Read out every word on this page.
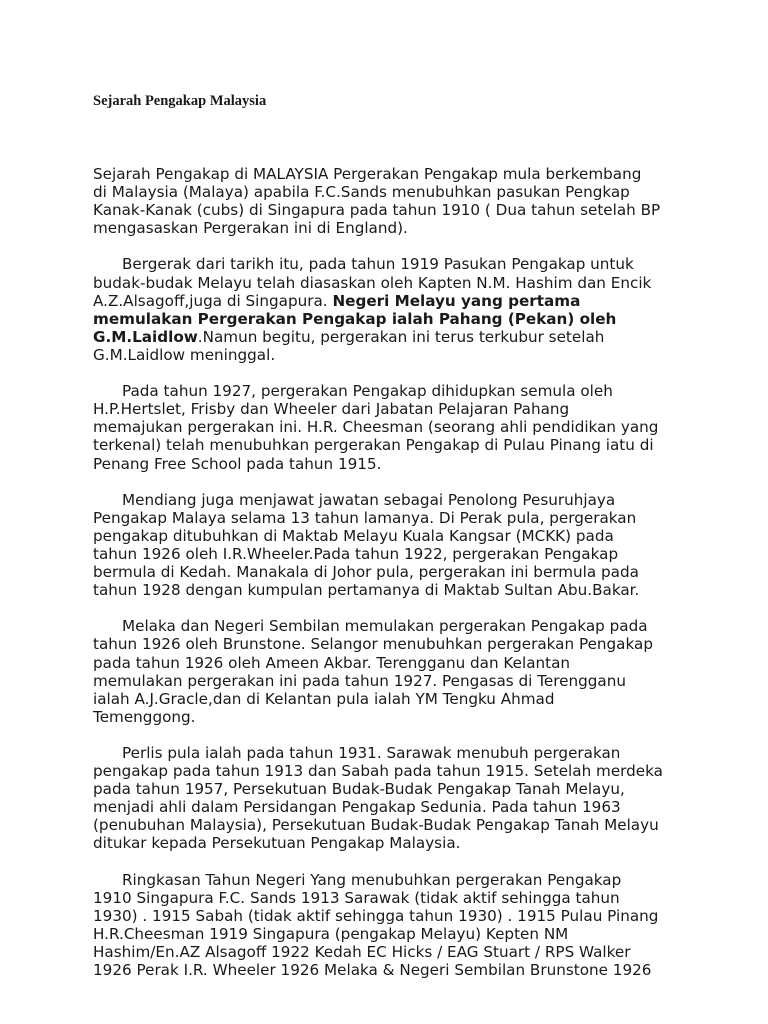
Sejarah Pengakap Malaysia

Sejarah Pengakap di MALAYSIA Pergerakan Pengakap mula berkembang
di Malaysia (Malaya) apabila F.C.Sands menubuhkan pasukan Pengkap
Kanak-Kanak (cubs) di Singapura pada tahun 1910 ( Dua tahun setelah BP
mengasaskan Pergerakan ini di England).

Bergerak dari tarikh itu, pada tahun 1919 Pasukan Pengakap untuk
budak-budak Melayu telah diasaskan oleh Kapten N.M. Hashim dan Encik
A.Z.Alsagoff,juga di Singapura. Negeri Melayu yang pertama
memulakan Pergerakan Pengakap ialah Pahang (Pekan) oleh
G.M.Laidlow.Namun begitu, pergerakan ini terus terkubur setelah
G.M.Laidlow meninggal.

Pada tahun 1927, pergerakan Pengakap dihidupkan semula oleh
H.P.Hertslet, Frisby dan Wheeler dari Jabatan Pelajaran Pahang
memajukan pergerakan ini. H.R. Cheesman (seorang ahli pendidikan yang
terkenal) telah menubuhkan pergerakan Pengakap di Pulau Pinang iatu di
Penang Free School pada tahun 1915.

Mendiang juga menjawat jawatan sebagai Penolong Pesuruhjaya
Pengakap Malaya selama 13 tahun lamanya. Di Perak pula, pergerakan
pengakap ditubuhkan di Maktab Melayu Kuala Kangsar (MCKK) pada
tahun 1926 oleh I.R.Wheeler.Pada tahun 1922, pergerakan Pengakap
bermula di Kedah. Manakala di Johor pula, pergerakan ini bermula pada
tahun 1928 dengan kumpulan pertamanya di Maktab Sultan Abu.Bakar.

Melaka dan Negeri Sembilan memulakan pergerakan Pengakap pada
tahun 1926 oleh Brunstone. Selangor menubuhkan pergerakan Pengakap
pada tahun 1926 oleh Ameen Akbar. Terengganu dan Kelantan
memulakan pergerakan ini pada tahun 1927. Pengasas di Terengganu
ialah A.J.Gracle,dan di Kelantan pula ialah YM Tengku Ahmad
Temenggong.

Perlis pula ialah pada tahun 1931. Sarawak menubuh pergerakan
pengakap pada tahun 1913 dan Sabah pada tahun 1915. Setelah merdeka
pada tahun 1957, Persekutuan Budak-Budak Pengakap Tanah Melayu,
menjadi ahli dalam Persidangan Pengakap Sedunia. Pada tahun 1963
(penubuhan Malaysia), Persekutuan Budak-Budak Pengakap Tanah Melayu
ditukar kepada Persekutuan Pengakap Malaysia.

Ringkasan Tahun Negeri Yang menubuhkan pergerakan Pengakap
1910 Singapura F.C. Sands 1913 Sarawak (tidak aktif sehingga tahun
1930) . 1915 Sabah (tidak aktif sehingga tahun 1930) . 1915 Pulau Pinang
H.R.Cheesman 1919 Singapura (pengakap Melayu) Kepten NM
Hashim/En.AZ Alsagoff 1922 Kedah EC Hicks / EAG Stuart / RPS Walker
1926 Perak I.R. Wheeler 1926 Melaka & Negeri Sembilan Brunstone 1926
